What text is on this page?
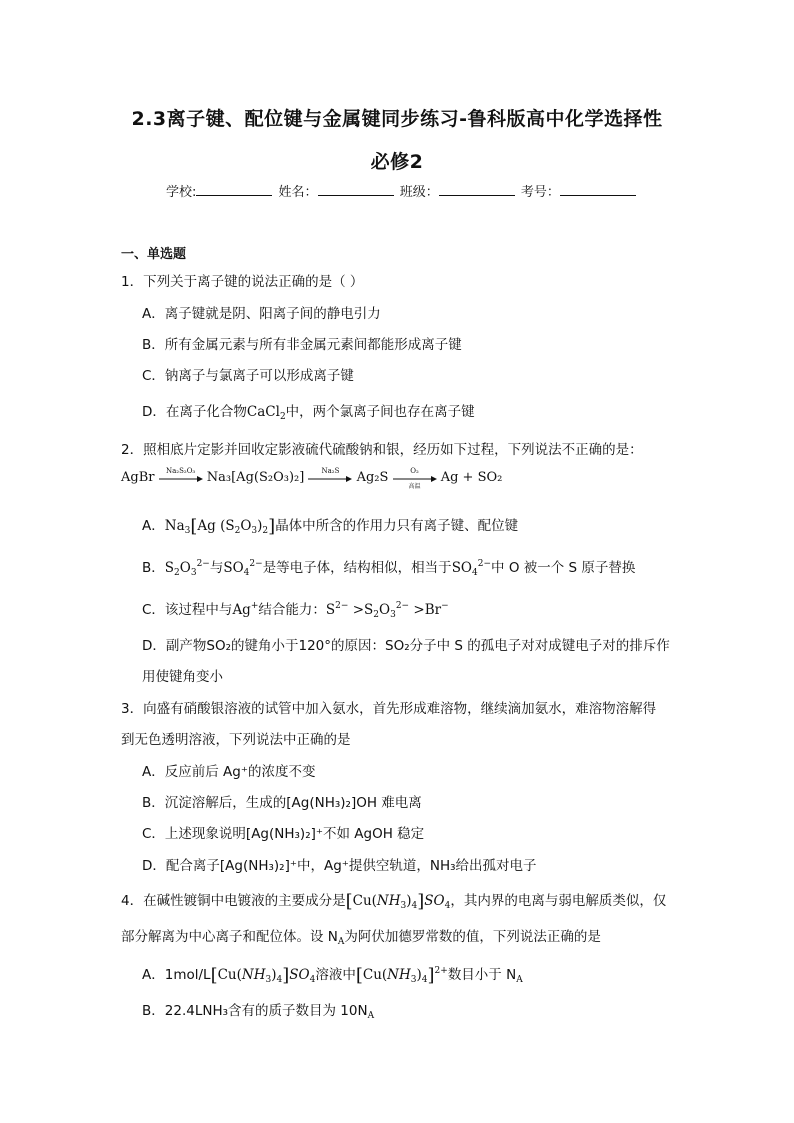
2.3离子键、配位键与金属键同步练习-鲁科版高中化学选择性
必修2
学校:	姓名：	班级：	考号：
一、单选题
1．下列关于离子键的说法正确的是（ ）
A．离子键就是阴、阳离子间的静电引力
B．所有金属元素与所有非金属元素间都能形成离子键
C．钠离子与氯离子可以形成离子键
D．在离子化合物CaCl$_2$中，两个氯离子间也存在离子键
2．照相底片定影并回收定影液硫代硫酸钠和银，经历如下过程，下列说法不正确的是：
AgBr	Na₂S₂O₃ Na₃[Ag(S₂O₃)₂]	Na₂S	Ag₂S	O₂
高温
Ag + SO₂
A．$Na_3[Ag$ $(S_2O_3)_2$]晶体中所含的作用力只有离子键、配位键
B．$S_2O_3^{2-}$与$SO_4^{2-}$是等电子体，结构相似，相当于$SO_4^{2-}$中 O 被一个 S 原子替换
C．该过程中与Ag+结合能力：$S^{2-} >S_2O_3^{2-} >Br^-$
D．副产物SO₂的键角小于120°的原因：SO₂分子中 S 的孤电子对对成键电子对的排斥作
用使键角变小
3．向盛有硝酸银溶液的试管中加入氨水，首先形成难溶物，继续滴加氨水，难溶物溶解得
到无色透明溶液，下列说法中正确的是
A．反应前后 Ag⁺的浓度不变
B．沉淀溶解后，生成的[Ag(NH₃)₂]OH 难电离
C．上述现象说明[Ag(NH₃)₂]⁺不如 AgOH 稳定
D．配合离子[Ag(NH₃)₂]⁺中，Ag⁺提供空轨道，NH₃给出孤对电子
4．在碱性镀铜中电镀液的主要成分是$[Cu(NH_3)_4]SO_4$，其内界的电离与弱电解质类似，仅
部分解离为中心离子和配位体。设 $N_A$为阿伏加德罗常数的值，下列说法正确的是
A．$1mol/L[Cu(NH_3)_4]SO_4$溶液中$[Cu(NH_3)_4]^{2+}$数目小于 $N_A$
B．22.4LNH₃含有的质子数目为 $10N_A$
